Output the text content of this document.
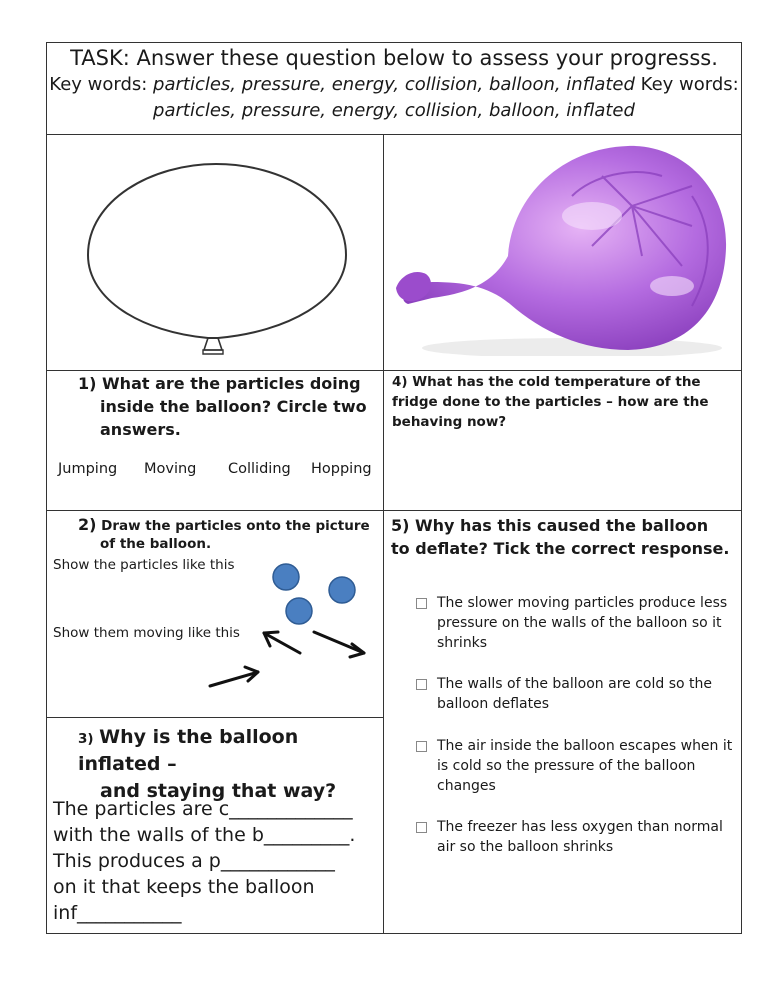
TASK: Answer these question below to assess your progresss.
Key words: particles, pressure, energy, collision, balloon, inflated Key words: particles, pressure, energy, collision, balloon, inflated
1) What are the particles doing
inside the balloon? Circle two
answers.
Jumping Moving Colliding Hopping
4) What has the cold temperature of the fridge done to the particles – how are the behaving now?
2) Draw the particles onto the picture
of the balloon.
Show the particles like this
Show them moving like this
5) Why has this caused the balloon to deflate? Tick the correct response.
The slower moving particles produce less pressure on the walls of the balloon so it shrinks
The walls of the balloon are cold so the balloon deflates
The air inside the balloon escapes when it is cold so the pressure of the balloon changes
The freezer has less oxygen than normal air so the balloon shrinks
3) Why is the balloon inflated –
and staying that way?
The particles are c_____________
with the walls of the b_________.
This produces a p____________
on it that keeps the balloon
inf___________
